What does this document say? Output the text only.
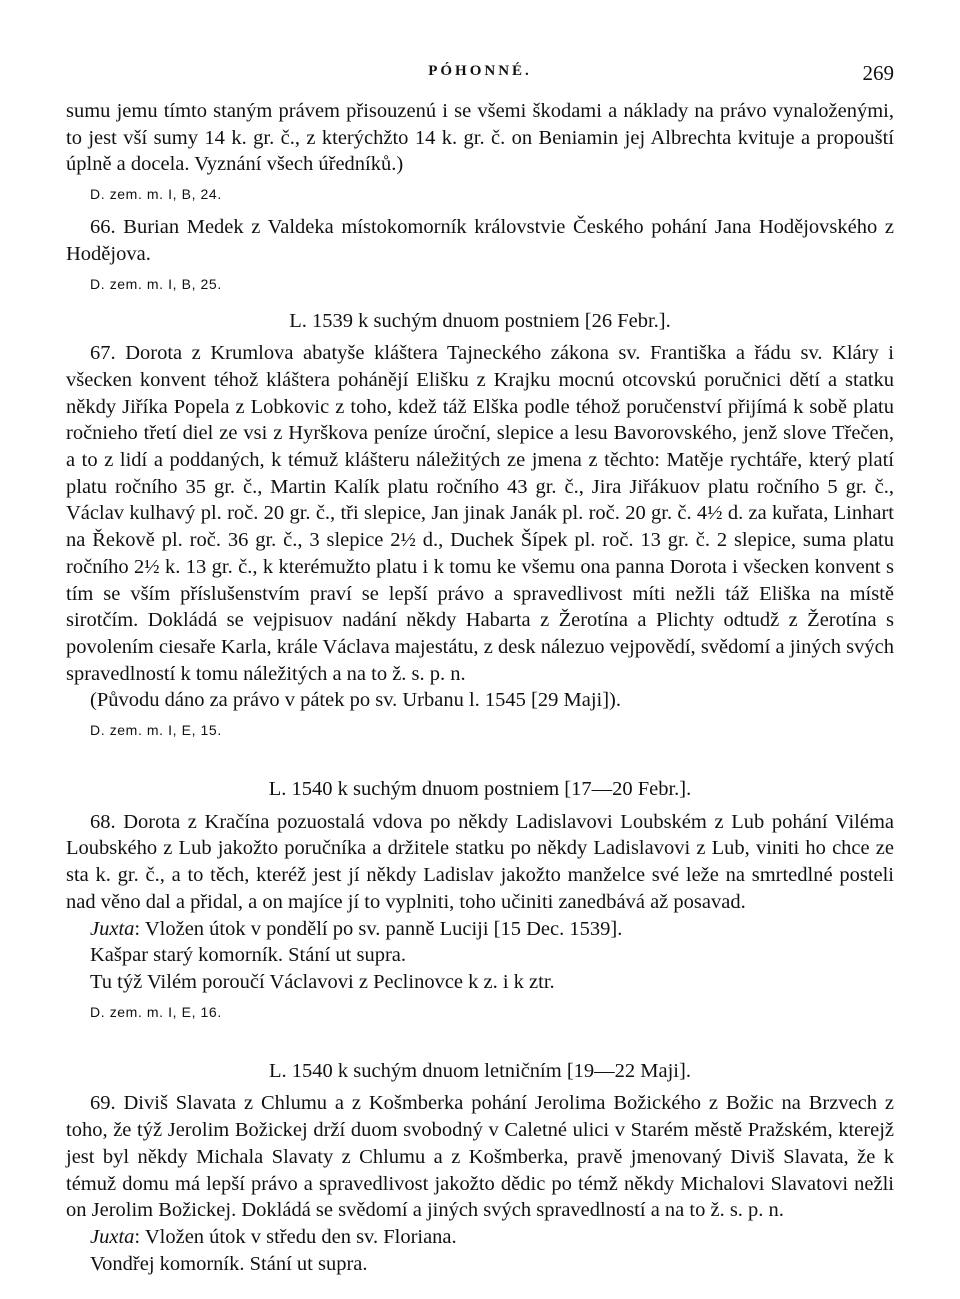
PÓHONNÉ.	269

sumu jemu tímto staným právem přisouzenú i se všemi škodami a náklady na právo vynaloženými, to jest vší sumy 14 k. gr. č., z kterýchžto 14 k. gr. č. on Beniamin jej Albrechta kvituje a propouští úplně a docela. Vyznání všech úředníků.)

D. zem. m. I, B, 24.

66. Burian Medek z Valdeka místokomorník královstvie Českého pohání Jana Hodějovského z Hodějova.

D. zem. m. I, B, 25.
L. 1539 k suchým dnuom postniem [26 Febr.].

67. Dorota z Krumlova abatyše kláštera Tajneckého zákona sv. Františka a řádu sv. Kláry i všecken konvent téhož kláštera pohánějí Elišku z Krajku mocnú otcovskú poručnici dětí a statku někdy Jiříka Popela z Lobkovic z toho, kdež táž Elška podle téhož poručenství přijímá k sobě platu ročnieho třetí diel ze vsi z Hyrškova peníze úroční, slepice a lesu Bavorovského, jenž slove Třečen, a to z lidí a poddaných, k témuž klášteru náležitých ze jmena z těchto: Matěje rychtáře, který platí platu ročního 35 gr. č., Martin Kalík platu ročního 43 gr. č., Jira Jiřákuov platu ročního 5 gr. č., Václav kulhavý pl. roč. 20 gr. č., tři slepice, Jan jinak Janák pl. roč. 20 gr. č. 4½ d. za kuřata, Linhart na Řekově pl. roč. 36 gr. č., 3 slepice 2½ d., Duchek Šípek pl. roč. 13 gr. č. 2 slepice, suma platu ročního 2½ k. 13 gr. č., k kterémužto platu i k tomu ke všemu ona panna Dorota i všecken konvent s tím se vším příslušenstvím praví se lepší právo a spravedlivost míti nežli táž Eliška na místě sirotčím. Dokládá se vejpisuov nadání někdy Habarta z Žerotína a Plichty odtudž z Žerotína s povolením ciesaře Karla, krále Václava majestátu, z desk nálezuo vejpovědí, svědomí a jiných svých spravedlností k tomu náležitých a na to ž. s. p. n.

(Původu dáno za právo v pátek po sv. Urbanu l. 1545 [29 Maji]).

D. zem. m. I, E, 15.
L. 1540 k suchým dnuom postniem [17—20 Febr.].

68. Dorota z Kračína pozuostalá vdova po někdy Ladislavovi Loubském z Lub pohání Viléma Loubského z Lub jakožto poručníka a držitele statku po někdy Ladislavovi z Lub, viniti ho chce ze sta k. gr. č., a to těch, kteréž jest jí někdy Ladislav jakožto manželce své leže na smrtedlné posteli nad věno dal a přidal, a on majíce jí to vyplniti, toho učiniti zanedbává až posavad.

Juxta: Vložen útok v pondělí po sv. panně Luciji [15 Dec. 1539].

Kašpar starý komorník. Stání ut supra.

Tu týž Vilém poroučí Václavovi z Peclinovce k z. i k ztr.

D. zem. m. I, E, 16.
L. 1540 k suchým dnuom letničním [19—22 Maji].

69. Diviš Slavata z Chlumu a z Košmberka pohání Jerolima Božického z Božic na Brzvech z toho, že týž Jerolim Božickej drží duom svobodný v Caletné ulici v Starém městě Pražském, kterejž jest byl někdy Michala Slavaty z Chlumu a z Košmberka, pravě jmenovaný Diviš Slavata, že k témuž domu má lepší právo a spravedlivost jakožto dědic po témž někdy Michalovi Slavatovi nežli on Jerolim Božickej. Dokládá se svědomí a jiných svých spravedlností a na to ž. s. p. n.

Juxta: Vložen útok v středu den sv. Floriana.

Vondřej komorník. Stání ut supra.
